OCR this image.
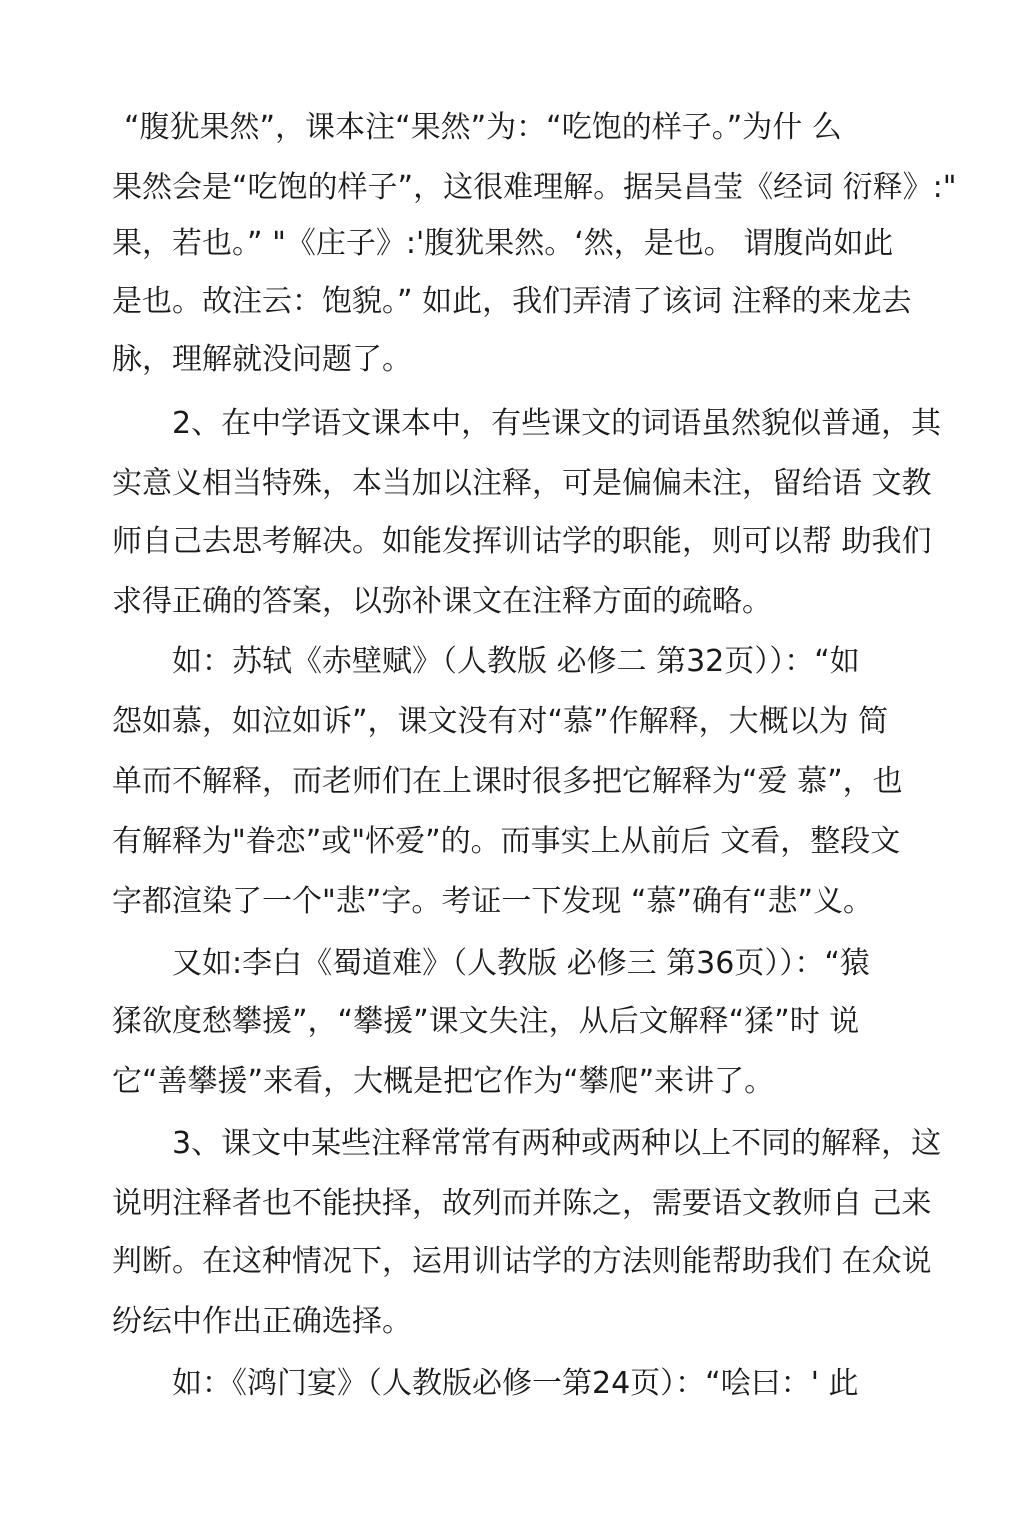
“腹犹果然”，课本注“果然”为：“吃饱的样子。”为什 么
果然会是“吃饱的样子”，这很难理解。据吴昌莹《经词 衍释》:"
果，若也。” "《庄子》:'腹犹果然。‘然，是也。 谓腹尚如此
是也。故注云：饱貌。” 如此，我们弄清了该词 注释的来龙去
脉，理解就没问题了。
2、在中学语文课本中，有些课文的词语虽然貌似普通，其
实意义相当特殊，本当加以注释，可是偏偏未注，留给语 文教
师自己去思考解决。如能发挥训诂学的职能，则可以帮 助我们
求得正确的答案，以弥补课文在注释方面的疏略。
如：苏轼《赤壁赋》（人教版 必修二 第32页））：“如
怨如慕，如泣如诉”，课文没有对“慕”作解释，大概以为 简
单而不解释，而老师们在上课时很多把它解释为“爱 慕”，也
有解释为"眷恋”或"怀爱”的。而事实上从前后 文看，整段文
字都渲染了一个"悲”字。考证一下发现 “慕”确有“悲”义。
又如:李白《蜀道难》（人教版 必修三 第36页））：“猿
猱欲度愁攀援”，“攀援”课文失注，从后文解释“猱”时 说
它“善攀援”来看，大概是把它作为“攀爬”来讲了。
3、课文中某些注释常常有两种或两种以上不同的解释，这
说明注释者也不能抉择，故列而并陈之，需要语文教师自 己来
判断。在这种情况下，运用训诂学的方法则能帮助我们 在众说
纷纭中作出正确选择。
如：《鸿门宴》（人教版必修一第24页）：“哙曰：' 此
